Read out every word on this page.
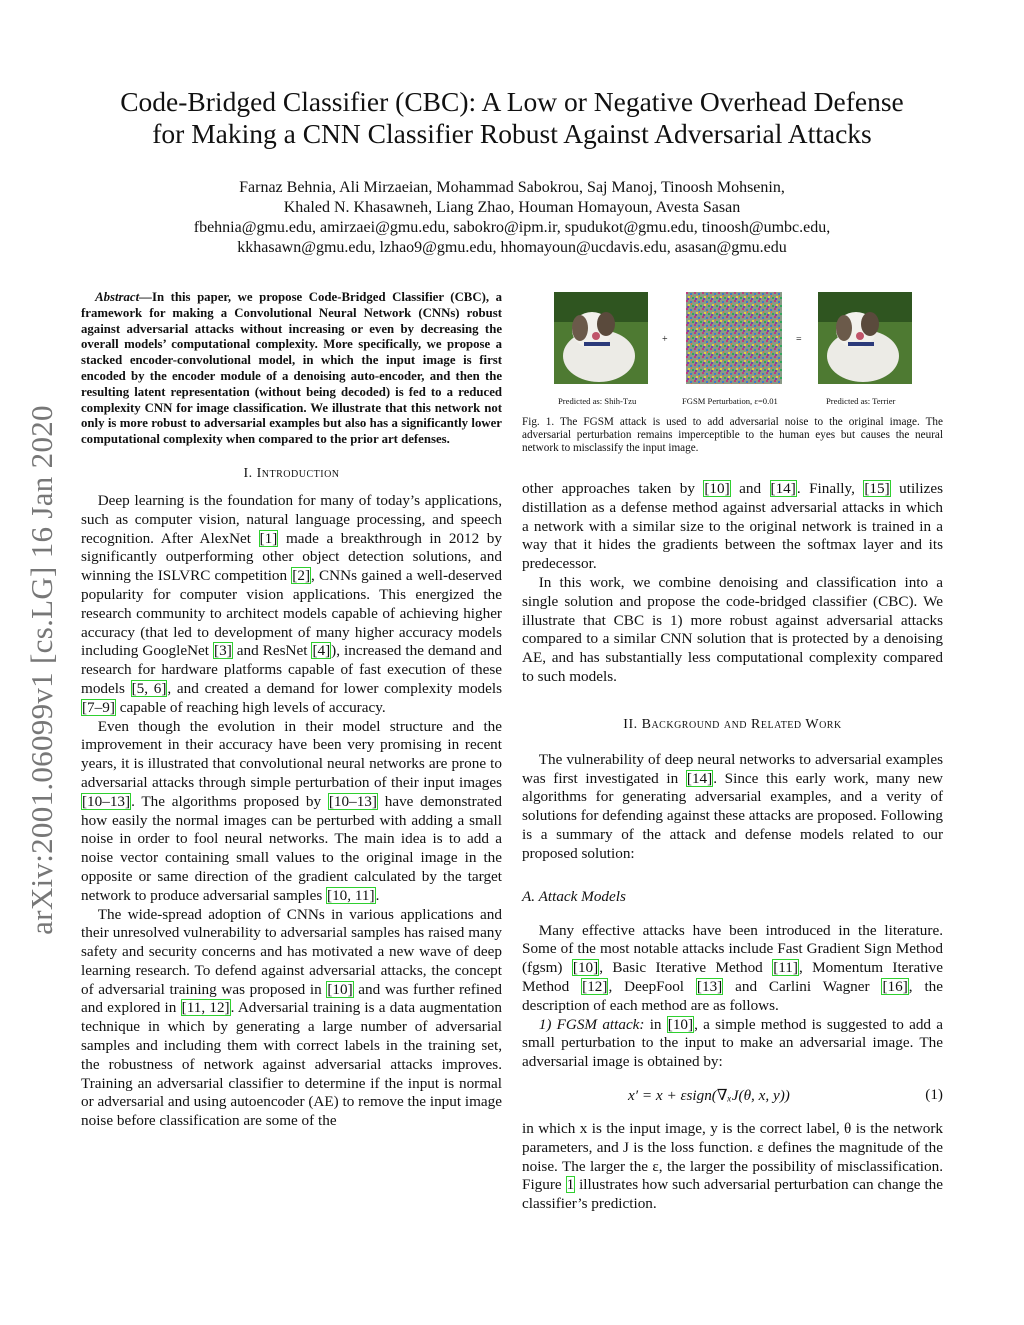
arXiv:2001.06099v1 [cs.LG] 16 Jan 2020
Code-Bridged Classifier (CBC): A Low or Negative Overhead Defense
for Making a CNN Classifier Robust Against Adversarial Attacks
Farnaz Behnia, Ali Mirzaeian, Mohammad Sabokrou, Saj Manoj, Tinoosh Mohsenin,
Khaled N. Khasawneh, Liang Zhao, Houman Homayoun, Avesta Sasan
fbehnia@gmu.edu, amirzaei@gmu.edu, sabokro@ipm.ir, spudukot@gmu.edu, tinoosh@umbc.edu,
kkhasawn@gmu.edu, lzhao9@gmu.edu, hhomayoun@ucdavis.edu, asasan@gmu.edu

Abstract—In this paper, we propose Code-Bridged Classifier (CBC), a framework for making a Convolutional Neural Network (CNNs) robust against adversarial attacks without increasing or even by decreasing the overall models’ computational complexity. More specifically, we propose a stacked encoder-convolutional model, in which the input image is first encoded by the encoder module of a denoising auto-encoder, and then the resulting latent representation (without being decoded) is fed to a reduced complexity CNN for image classification. We illustrate that this network not only is more robust to adversarial examples but also has a significantly lower computational complexity when compared to the prior art defenses.

I. Introduction

Deep learning is the foundation for many of today’s applications, such as computer vision, natural language processing, and speech recognition. After AlexNet [1] made a breakthrough in 2012 by significantly outperforming other object detection solutions, and winning the ISLVRC competition [2], CNNs gained a well-deserved popularity for computer vision applications. This energized the research community to architect models capable of achieving higher accuracy (that led to development of many higher accuracy models including GoogleNet [3] and ResNet [4]), increased the demand and research for hardware platforms capable of fast execution of these models [5, 6], and created a demand for lower complexity models [7–9] capable of reaching high levels of accuracy.

Even though the evolution in their model structure and the improvement in their accuracy have been very promising in recent years, it is illustrated that convolutional neural networks are prone to adversarial attacks through simple perturbation of their input images [10–13]. The algorithms proposed by [10–13] have demonstrated how easily the normal images can be perturbed with adding a small noise in order to fool neural networks. The main idea is to add a noise vector containing small values to the original image in the opposite or same direction of the gradient calculated by the target network to produce adversarial samples [10, 11].

The wide-spread adoption of CNNs in various applications and their unresolved vulnerability to adversarial samples has raised many safety and security concerns and has motivated a new wave of deep learning research. To defend against adversarial attacks, the concept of adversarial training was proposed in [10] and was further refined and explored in [11, 12]. Adversarial training is a data augmentation technique in which by generating a large number of adversarial samples and including them with correct labels in the training set, the robustness of network against adversarial attacks improves. Training an adversarial classifier to determine if the input is normal or adversarial and using autoencoder (AE) to remove the input image noise before classification are some of the

+	=
Predicted as: Shih-Tzu	FGSM Perturbation, ε=0.01	Predicted as: Terrier
Fig. 1. The FGSM attack is used to add adversarial noise to the original image. The adversarial perturbation remains imperceptible to the human eyes but causes the neural network to misclassify the input image.

other approaches taken by [10] and [14]. Finally, [15] utilizes distillation as a defense method against adversarial attacks in which a network with a similar size to the original network is trained in a way that it hides the gradients between the softmax layer and its predecessor.

In this work, we combine denoising and classification into a single solution and propose the code-bridged classifier (CBC). We illustrate that CBC is 1) more robust against adversarial attacks compared to a similar CNN solution that is protected by a denoising AE, and has substantially less computational complexity compared to such models.

II. Background and Related Work

The vulnerability of deep neural networks to adversarial examples was first investigated in [14]. Since this early work, many new algorithms for generating adversarial examples, and a verity of solutions for defending against these attacks are proposed. Following is a summary of the attack and defense models related to our proposed solution:

A. Attack Models

Many effective attacks have been introduced in the literature. Some of the most notable attacks include Fast Gradient Sign Method (fgsm) [10], Basic Iterative Method [11], Momentum Iterative Method [12], DeepFool [13] and Carlini Wagner [16], the description of each method are as follows.

1) FGSM attack: in [10], a simple method is suggested to add a small perturbation to the input to make an adversarial image. The adversarial image is obtained by:

x′ = x + εsign(∇ₓJ(θ, x, y))	(1)

in which x is the input image, y is the correct label, θ is the network parameters, and J is the loss function. ε defines the magnitude of the noise. The larger the ε, the larger the possibility of misclassification. Figure 1 illustrates how such adversarial perturbation can change the classifier’s prediction.
